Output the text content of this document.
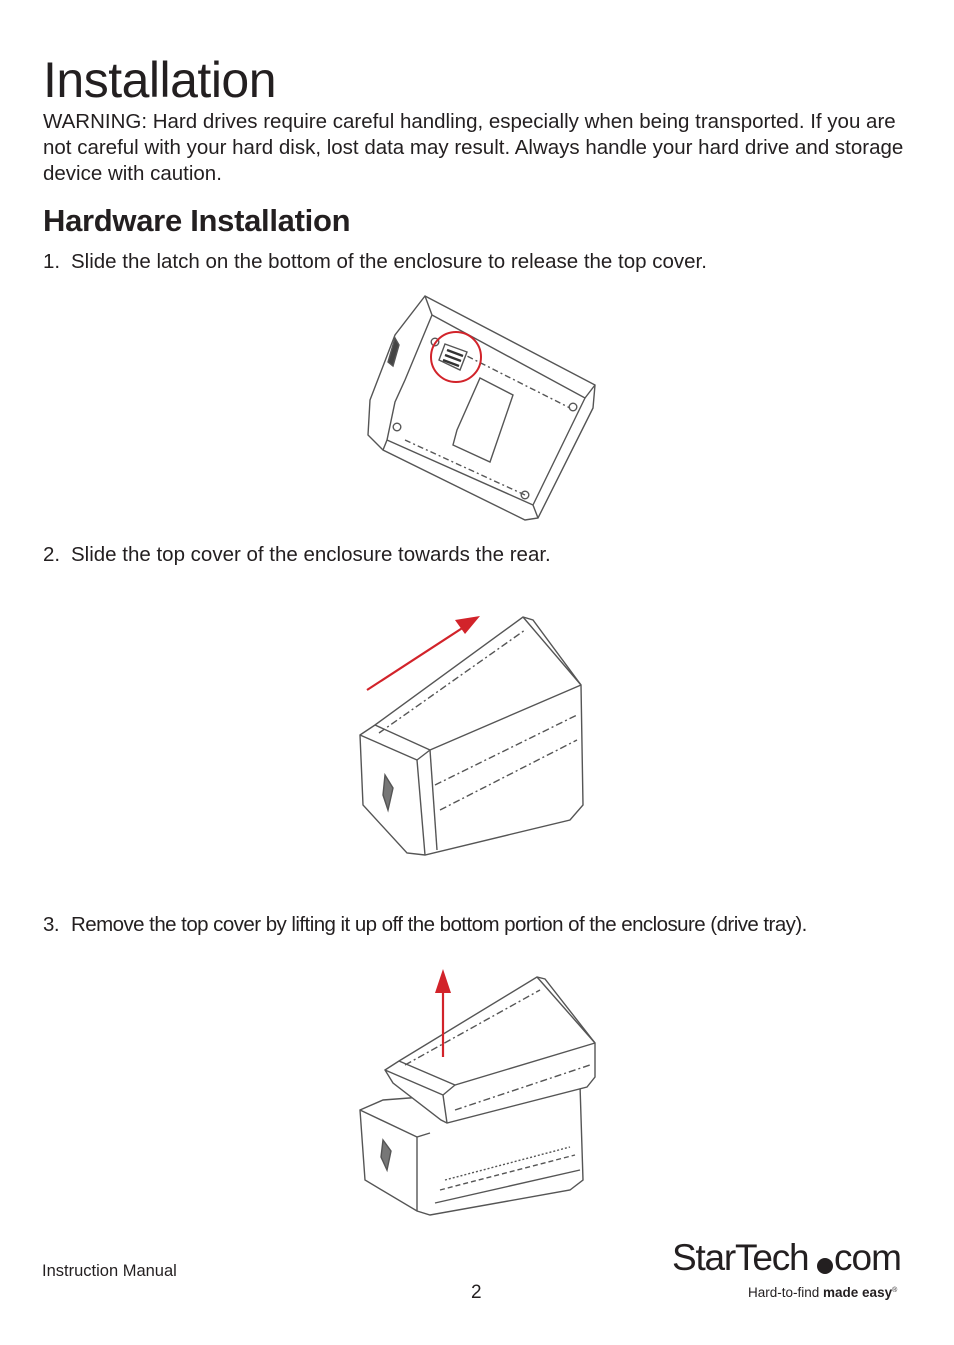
Installation

WARNING: Hard drives require careful handling, especially when being transported. If you are not careful with your hard disk, lost data may result. Always handle your hard drive and storage device with caution.

Hardware Installation

1. Slide the latch on the bottom of the enclosure to release the top cover.

2. Slide the top cover of the enclosure towards the rear.

3. Remove the top cover by lifting it up off the bottom portion of the enclosure (drive tray).

Instruction Manual
2
StarTech com
Hard-to-find made easy®
